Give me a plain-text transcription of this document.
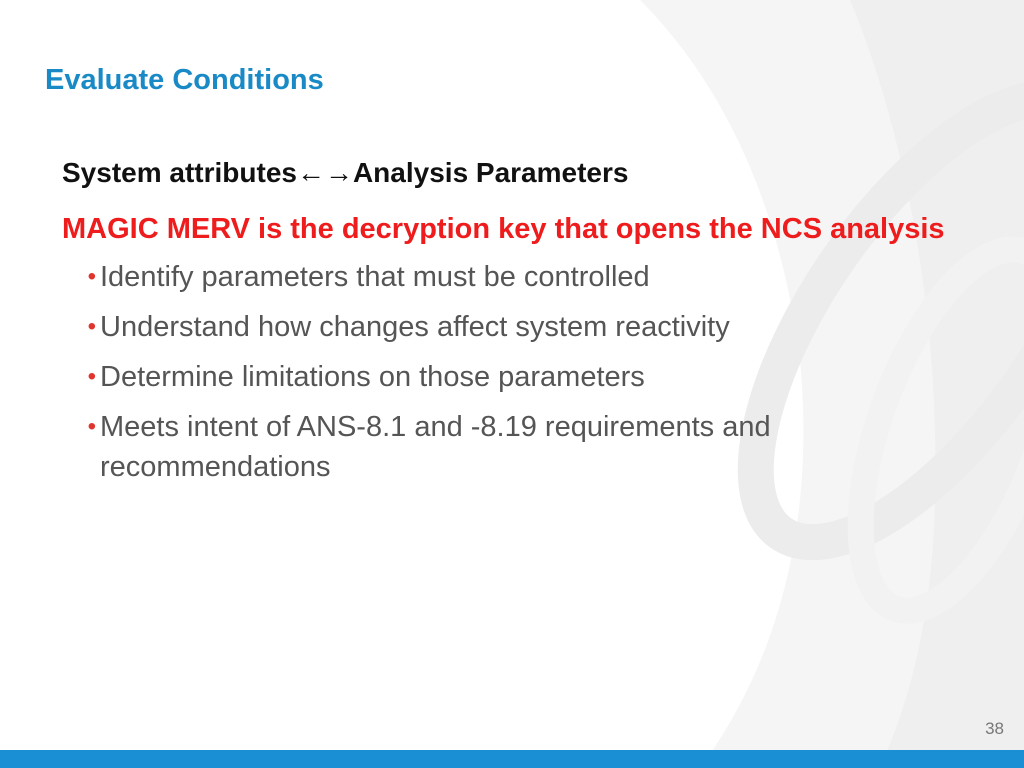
Evaluate Conditions

System attributes←→Analysis Parameters

MAGIC MERV is the decryption key that opens the NCS analysis

• Identify parameters that must be controlled
• Understand how changes affect system reactivity
• Determine limitations on those parameters
• Meets intent of ANS-8.1 and -8.19 requirements and recommendations
38
